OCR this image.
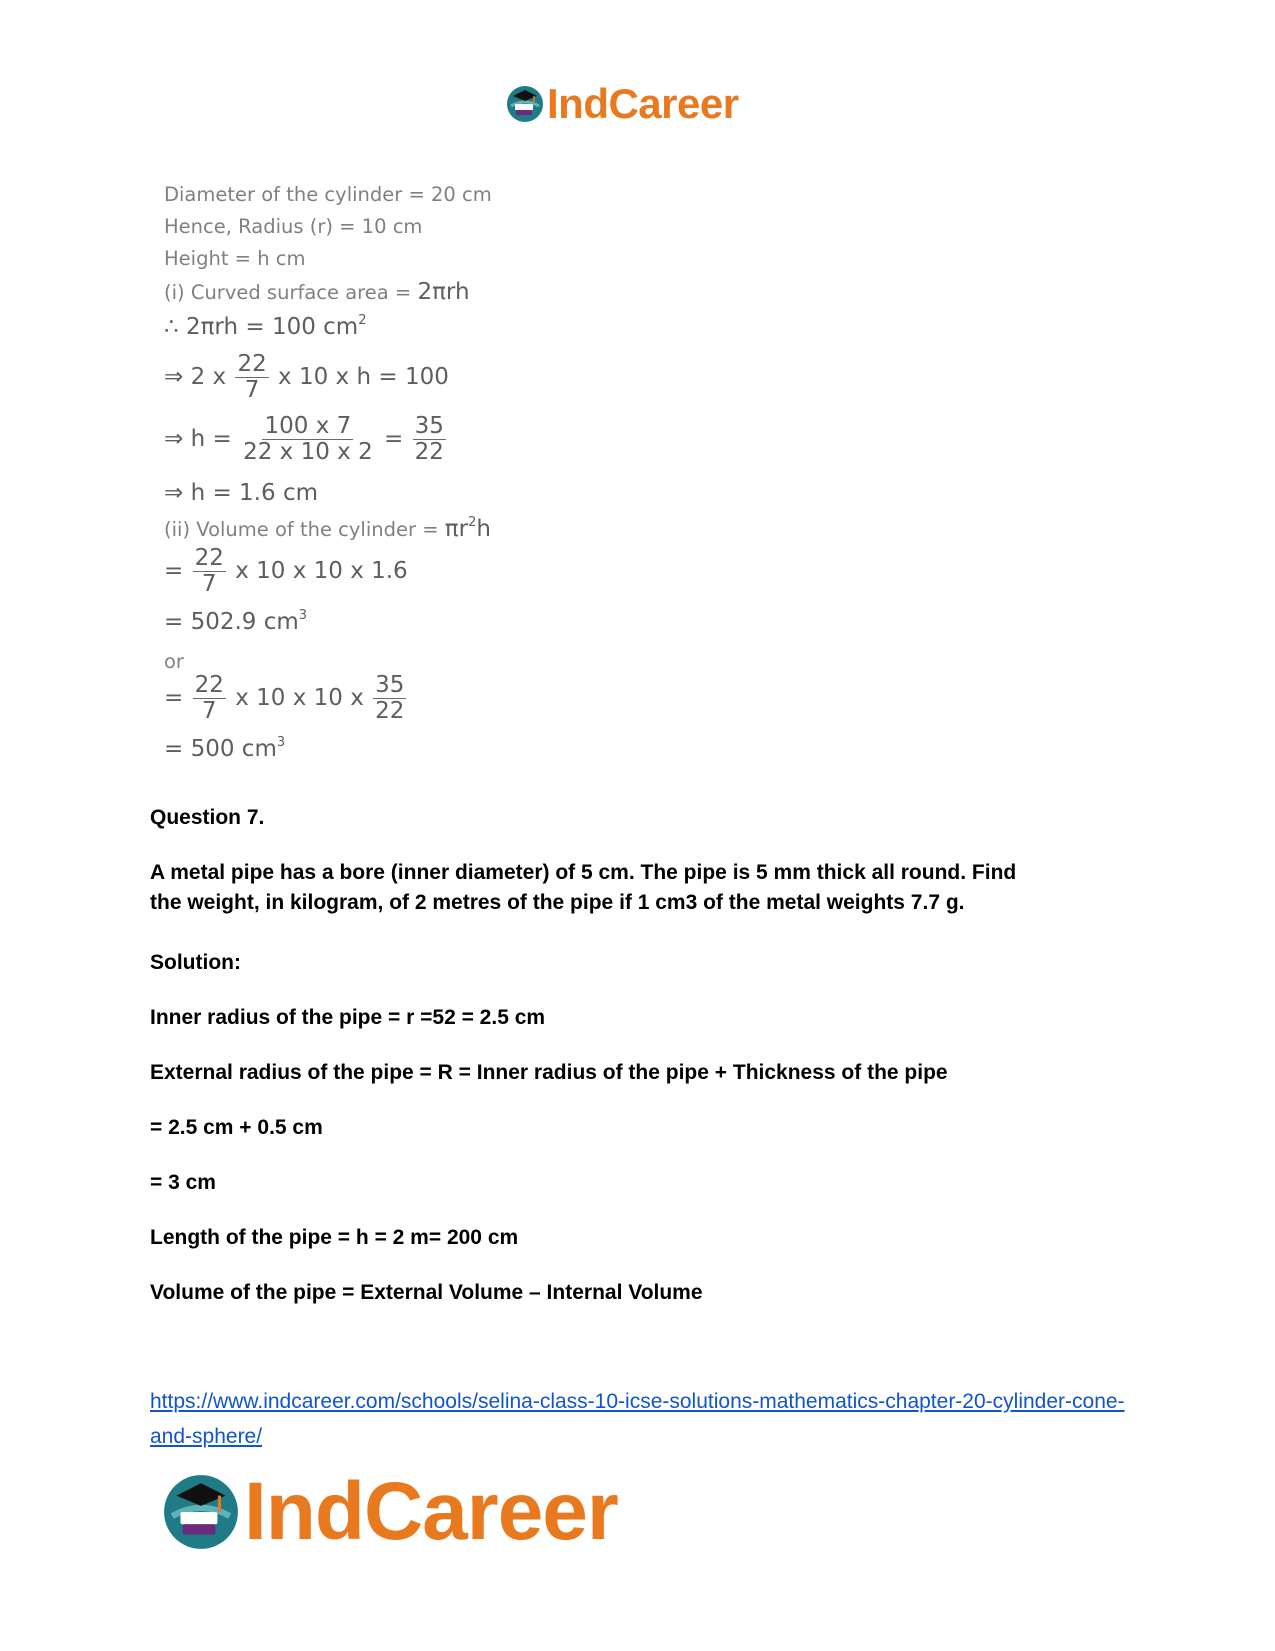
IndCareer
Diameter of the cylinder = 20 cm
Hence, Radius (r) = 10 cm
Height = h cm
(i) Curved surface area = 2πrh
∴ 2πrh = 100 $cm^2$
⇒ 2 x $\frac{22}{7}$ x 10 x h = 100
⇒ $h = \frac{100 x 7}{22 x 10 x 2} = \frac{35}{22}$
⇒ h = 1.6 cm
(ii) Volume of the cylinder = $\pi r^2h$
= $\frac{22}{7}$ x 10 x 10 x 1.6
= 502.9 $cm^3$
or
= $\frac{22}{7}$ x 10 x 10 x $\frac{35}{22}$
= 500 $cm^3$
Question 7.
A metal pipe has a bore (inner diameter) of 5 cm. The pipe is 5 mm thick all round. Find
the weight, in kilogram, of 2 metres of the pipe if 1 cm3 of the metal weights 7.7 g.
Solution:
Inner radius of the pipe = r =52 = 2.5 cm
External radius of the pipe = R = Inner radius of the pipe + Thickness of the pipe
= 2.5 cm + 0.5 cm
= 3 cm
Length of the pipe = h = 2 m= 200 cm
Volume of the pipe = External Volume – Internal Volume
https://www.indcareer.com/schools/selina-class-10-icse-solutions-mathematics-chapter-20-cylinder-cone-and-sphere/
IndCareer
